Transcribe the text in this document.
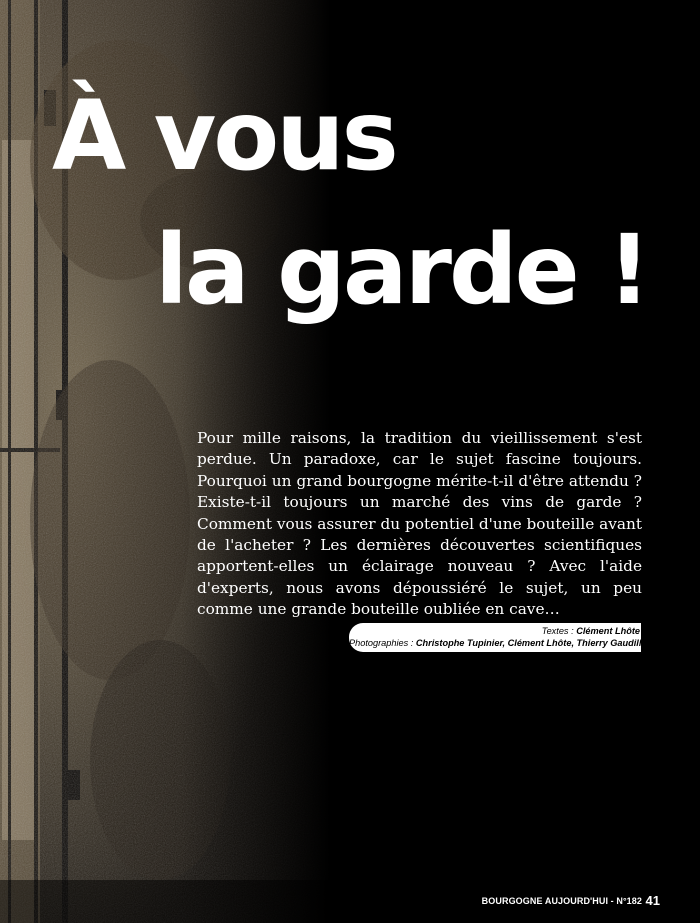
À vous
la garde !

Pour mille raisons, la tradition du vieillissement s'est perdue. Un paradoxe, car le sujet fascine toujours. Pourquoi un grand bourgogne mérite-t-il d'être attendu ? Existe-t-il toujours un marché des vins de garde ? Comment vous assurer du potentiel d'une bouteille avant de l'acheter ? Les dernières découvertes scientifiques apportent-elles un éclairage nouveau ? Avec l'aide d'experts, nous avons dépoussiéré le sujet, un peu comme une grande bouteille oubliée en cave…

Textes : Clément Lhôte
Photographies : Christophe Tupinier, Clément Lhôte, Thierry Gaudillère
BOURGOGNE AUJOURD'HUI - N°182 41
